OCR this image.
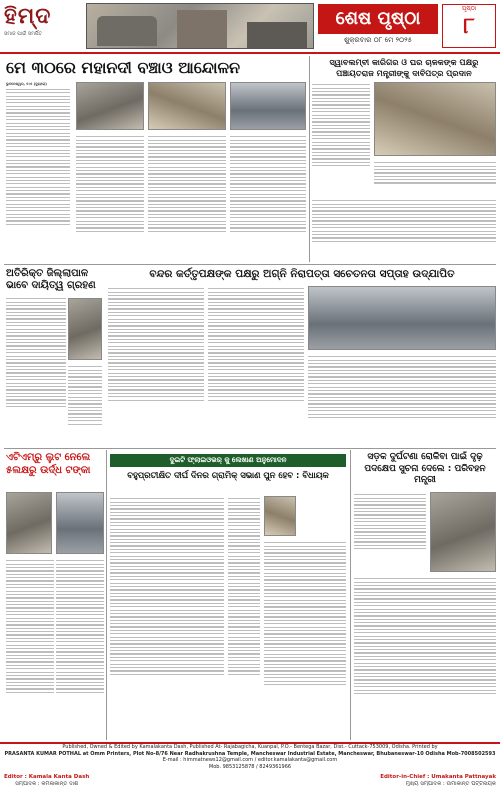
ହିମ୍ଦ
ସମାଜ ପାଇଁ ସମର୍ପିତ
ଶେଷ ପୃଷ୍ଠା
ଶୁକ୍ରବାର ୦୮ ମେ ୨୦୨୫
ପୃଷ୍ଠା
୮
ମେ ୩୦ରେ ମହାନଦୀ ବଞ୍ଚାଓ ଆନ୍ଦୋଳନ	ସ୍ୱାବଲମ୍ବୀ କାରିଗର ଓ ଘର ଚାଳକଙ୍କ ପକ୍ଷରୁ ପଞ୍ଚାୟତରାଜ ମନ୍ତ୍ରୀଙ୍କୁ ଦାବିପତ୍ର ପ୍ରଦାନ
ଭୁବନେଶ୍ୱର, ୭।୫ (ବ୍ୟୁରୋ)
ଅତିରିକ୍ତ ଜିଲ୍ଲାପାଳ ଭାବେ ଦାୟିତ୍ୱ ଗ୍ରହଣ
ବନ୍ଦର କର୍ତ୍ତୃପକ୍ଷଙ୍କ ପକ୍ଷରୁ ଅଗ୍ନି ନିରାପତ୍ତା ସଚେତନତା ସପ୍ତାହ ଉଦ୍ଯାପିତ
ଏଟିଏମ୍‌ରୁ ଲୁଟ ନେଲେ ୫ଲକ୍ଷରୁ ଉର୍ଦ୍ଧ ଟଙ୍କା
ଦୁଇଟି ଫ୍ଲାଇଓଭର୍‌ କୁ ଲେଖାଣ ଅନୁମୋଦନ
ବହୁପ୍ରତୀକ୍ଷିତ ଦୀର୍ଘ ଦିନର ଗ୍ରାମିକ୍ ସଭାଣ ପୁନ ହେବ : ବିଧାୟକ
ସଡ଼କ ଦୁର୍ଘଟଣା ରୋକିବା ପାଇଁ ଦୃଢ଼ ପଦକ୍ଷେପ ସୁଚନା ଦେଲେ : ପରିବହନ ମନ୍ତ୍ରୀ
Published, Owned & Edited by Kamalakanta Dash, Published At- Rajabagicha, Kuanpal, P.O.- Bentega Bazar, Dist.- Cuttack-753009, Odisha. Printed by
PRASANTA KUMAR POTHAL at Omm Printers, Plot No-8/76 Near Radhakrushna Temple, Mancheswar Industrial Estate, Mancheswar, Bhubaneswar-10 Odisha Mob-7008502593
E-mail : himmatnews12@gmail.com / editor.kamalakanta@gmail.com
Mob. 9853125878 / 8249361966
Editor : Kamala Kanta Dash
ସମ୍ପାଦକ : କମଳାକାନ୍ତ ଦାଶ
Editor-in-Chief : Umakanta Pattnayak
ମୁଖ୍ୟ ସମ୍ପାଦକ : ଉମାକାନ୍ତ ପଟ୍ଟନାୟକ
